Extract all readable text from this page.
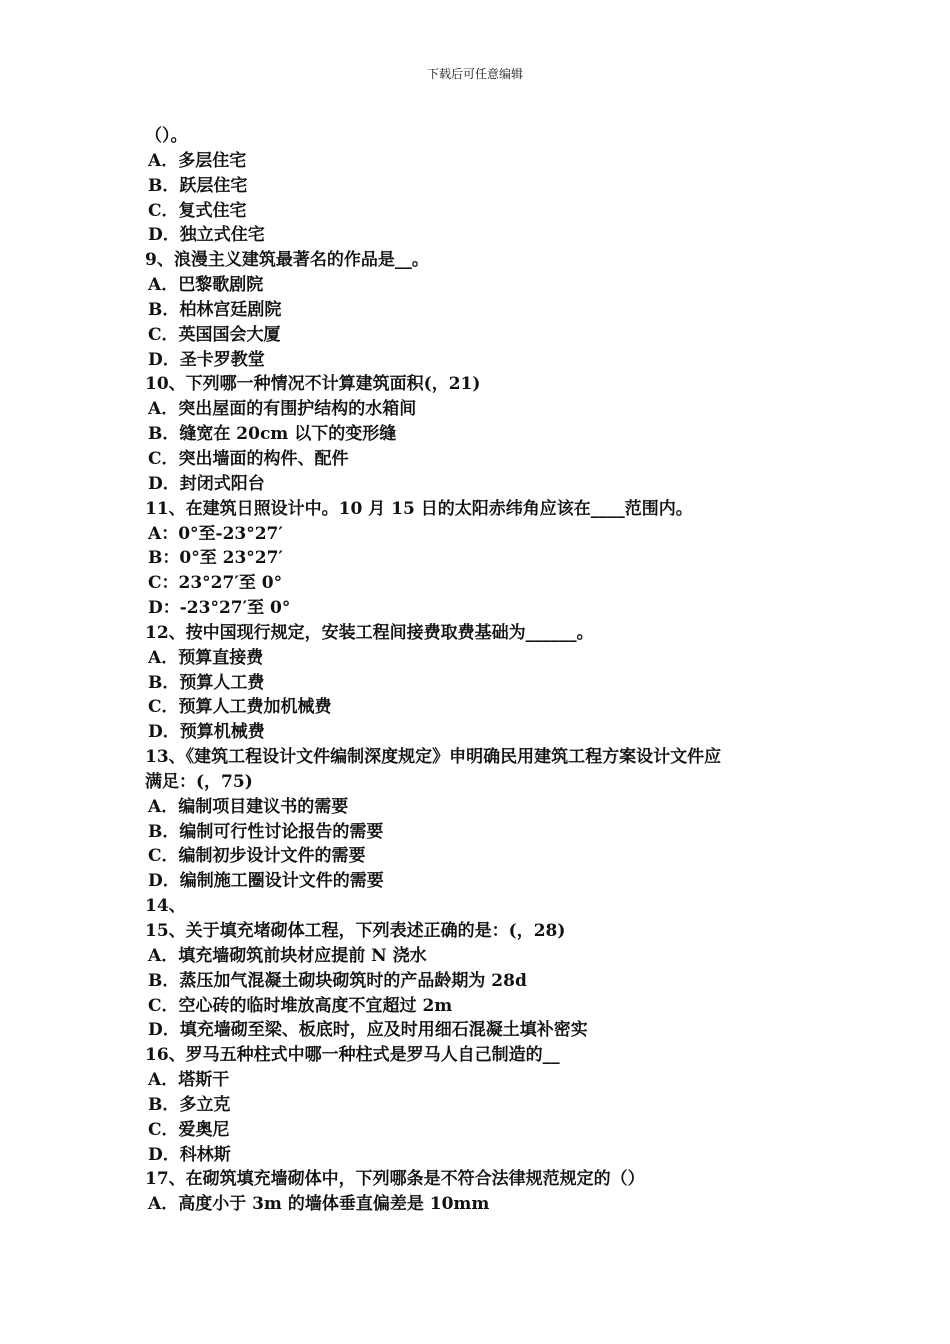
下载后可任意编辑
（）。
A．多层住宅
B．跃层住宅
C．复式住宅
D．独立式住宅
9、浪漫主义建筑最著名的作品是__。
A．巴黎歌剧院
B．柏林宫廷剧院
C．英国国会大厦
D．圣卡罗教堂
10、下列哪一种情况不计算建筑面积(，21)
A．突出屋面的有围护结构的水箱间
B．缝宽在 20cm 以下的变形缝
C．突出墙面的构件、配件
D．封闭式阳台
11、在建筑日照设计中。10 月 15 日的太阳赤纬角应该在____范围内。
A：0°至-23°27′
B：0°至 23°27′
C：23°27′至 0°
D：-23°27′至 0°
12、按中国现行规定，安装工程间接费取费基础为______。
A．预算直接费
B．预算人工费
C．预算人工费加机械费
D．预算机械费
13、《建筑工程设计文件编制深度规定》申明确民用建筑工程方案设计文件应
满足：(，75)
A．编制项目建议书的需要
B．编制可行性讨论报告的需要
C．编制初步设计文件的需要
D．编制施工圈设计文件的需要
14、
15、关于填充堵砌体工程，下列表述正确的是：(，28)
A．填充墙砌筑前块材应提前 N 浇水
B．蒸压加气混凝土砌块砌筑时的产品龄期为 28d
C．空心砖的临时堆放高度不宜超过 2m
D．填充墙砌至梁、板底时，应及时用细石混凝土填补密实
16、罗马五种柱式中哪一种柱式是罗马人自己制造的__
A．塔斯干
B．多立克
C．爱奥尼
D．科林斯
17、在砌筑填充墙砌体中，下列哪条是不符合法律规范规定的（）
A．高度小于 3m 的墙体垂直偏差是 10mm
